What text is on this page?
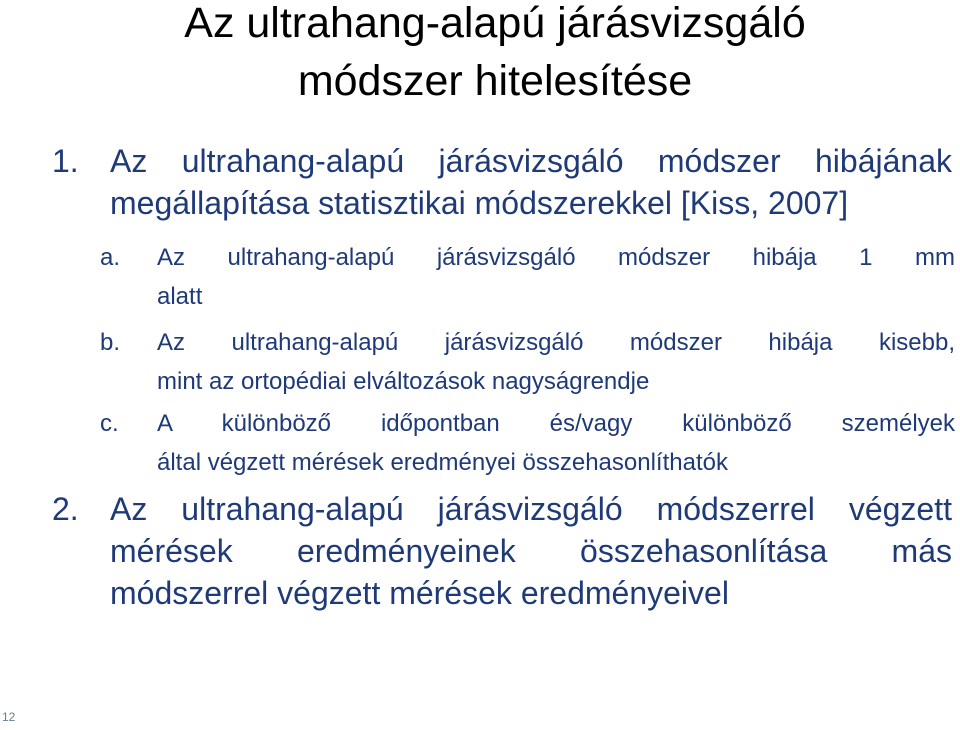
Az ultrahang-alapú járásvizsgáló
módszer hitelesítése
1. Az ultrahang-alapú járásvizsgáló módszer hibájának
megállapítása statisztikai módszerekkel [Kiss, 2007]
a. Az ultrahang-alapú járásvizsgáló módszer hibája 1 mm
alatt
b. Az ultrahang-alapú járásvizsgáló módszer hibája kisebb,
mint az ortopédiai elváltozások nagyságrendje
c. A különböző időpontban és/vagy különböző személyek
által végzett mérések eredményei összehasonlíthatók
2. Az ultrahang-alapú járásvizsgáló módszerrel végzett
mérések eredményeinek összehasonlítása más
módszerrel végzett mérések eredményeivel
12
